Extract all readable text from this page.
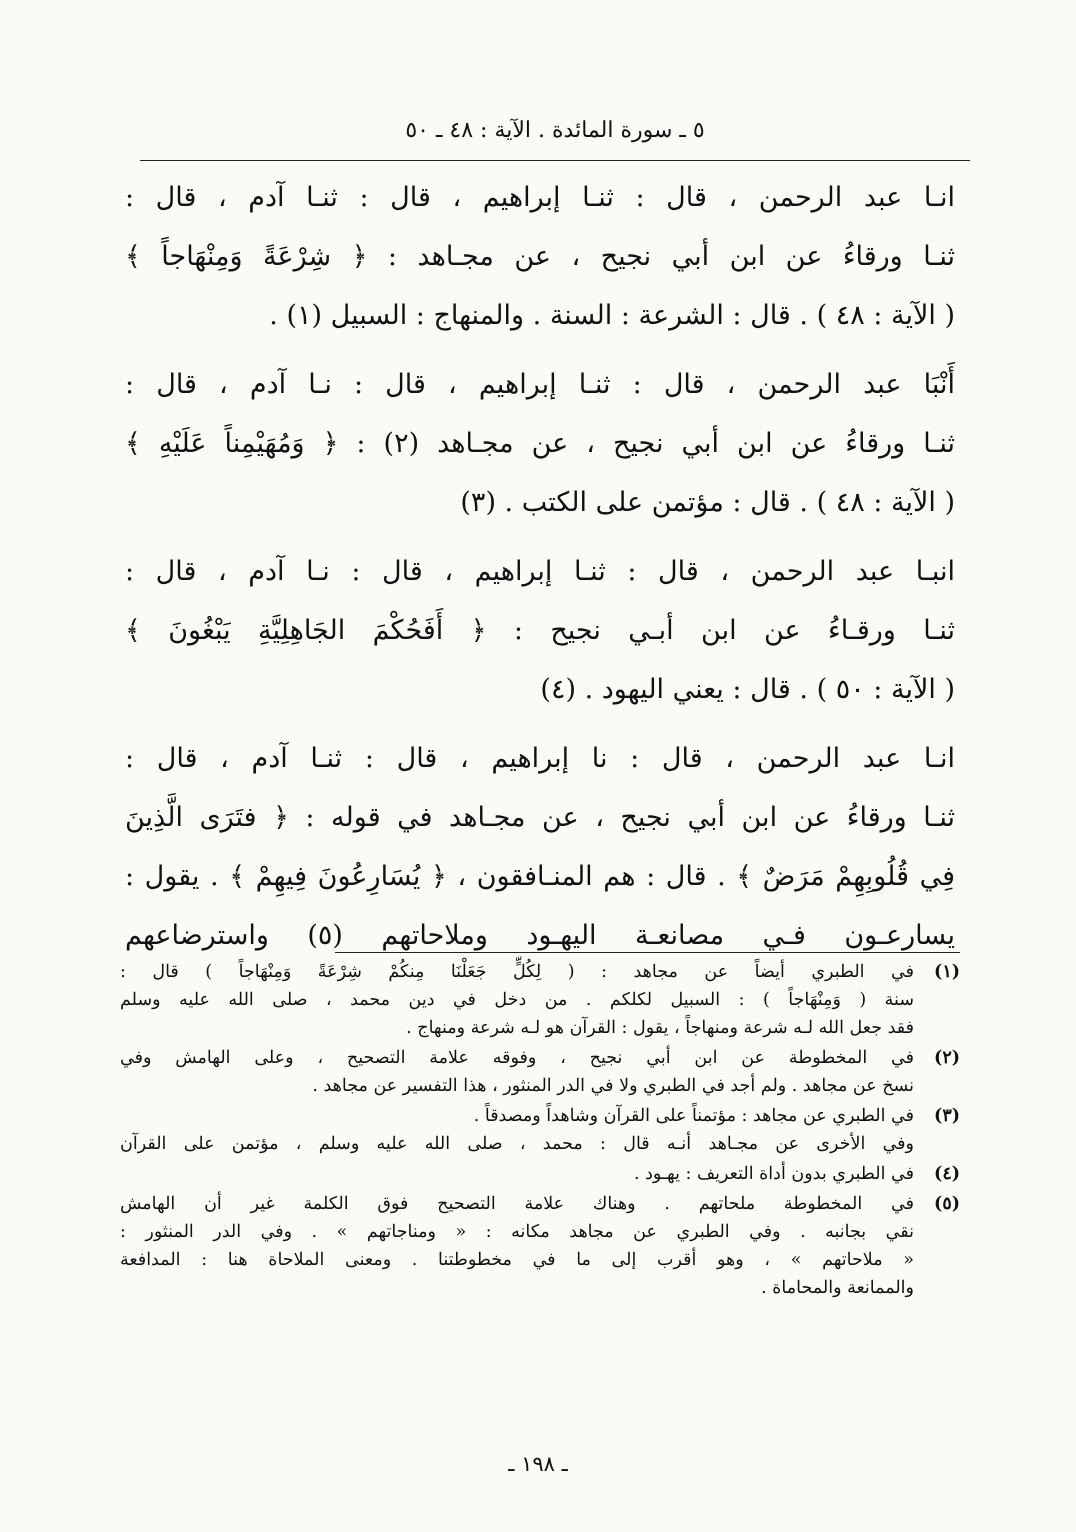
٥ ـ سورة المائدة . الآية : ٤٨ ـ ٥٠
انـا عبد الرحمن ، قال : ثنـا إبراهيم ، قال : ثنـا آدم ، قال :
ثنـا ورقاءُ عن ابن أبي نجيح ، عن مجـاهد : ﴿ شِرْعَةً وَمِنْهَاجاً ﴾
( الآية : ٤٨ ) . قال : الشرعة : السنة . والمنهاج : السبيل (١) .
أَنْبَا عبد الرحمن ، قال : ثنـا إبراهيم ، قال : نـا آدم ، قال :
ثنـا ورقاءُ عن ابن أبي نجيح ، عن مجـاهد (٢) : ﴿ وَمُهَيْمِناً عَلَيْهِ ﴾
( الآية : ٤٨ ) . قال : مؤتمن على الكتب . (٣)
انبـا عبد الرحمن ، قال : ثنـا إبراهيم ، قال : نـا آدم ، قال :
ثنـا ورقـاءُ عن ابن أبـي نجيح : ﴿ أَفَحُكْمَ الجَاهِلِيَّةِ يَبْغُونَ ﴾
( الآية : ٥٠ ) . قال : يعني اليهود . (٤)
انـا عبد الرحمن ، قال : نا إبراهيم ، قال : ثنـا آدم ، قال :
ثنـا ورقاءُ عن ابن أبي نجيح ، عن مجـاهد في قوله : ﴿ فتَرَى الَّذِينَ
فِي قُلُوبِهِمْ مَرَضٌ ﴾ . قال : هم المنـافقون ، ﴿ يُسَارِعُونَ فِيهِمْ ﴾ . يقول :
يسارعـون فـي مصانعـة اليهـود وملاحاتهم (٥) واسترضاعهم
(١)
في الطبري أيضاً عن مجاهد : ( لِكُلٍّ جَعَلْنَا مِنكُمْ شِرْعَةً وَمِنْهَاجاً ) قال :
سنة ( وَمِنْهَاجاً ) : السبيل لكلكم . من دخل في دين محمد ، صلى الله عليه وسلم
فقد جعل الله لـه شرعة ومنهاجاً ، يقول : القرآن هو لـه شرعة ومنهاج .
(٢)
في المخطوطة عن ابن أبي نجيح ، وفوقه علامة التصحيح ، وعلى الهامش وفي
نسخ عن مجاهد . ولم أجد في الطبري ولا في الدر المنثور ، هذا التفسير عن مجاهد .
(٣)
في الطبري عن مجاهد : مؤتمناً على القرآن وشاهداً ومصدقاً .
وفي الأخرى عن مجـاهد أنـه قال : محمد ، صلى الله عليه وسلم ، مؤتمن على القرآن
(٤)
في الطبري بدون أداة التعريف : يهـود .
(٥)
في المخطوطة ملحاتهم . وهناك علامة التصحيح فوق الكلمة غير أن الهامش
نقي بجانبه . وفي الطبري عن مجاهد مكانه : « ومناجاتهم » . وفي الدر المنثور :
« ملاحاتهم » ، وهو أقرب إلى ما في مخطوطتنا . ومعنى الملاحاة هنا : المدافعة
والممانعة والمحاماة .
ـ ١٩٨ ـ
